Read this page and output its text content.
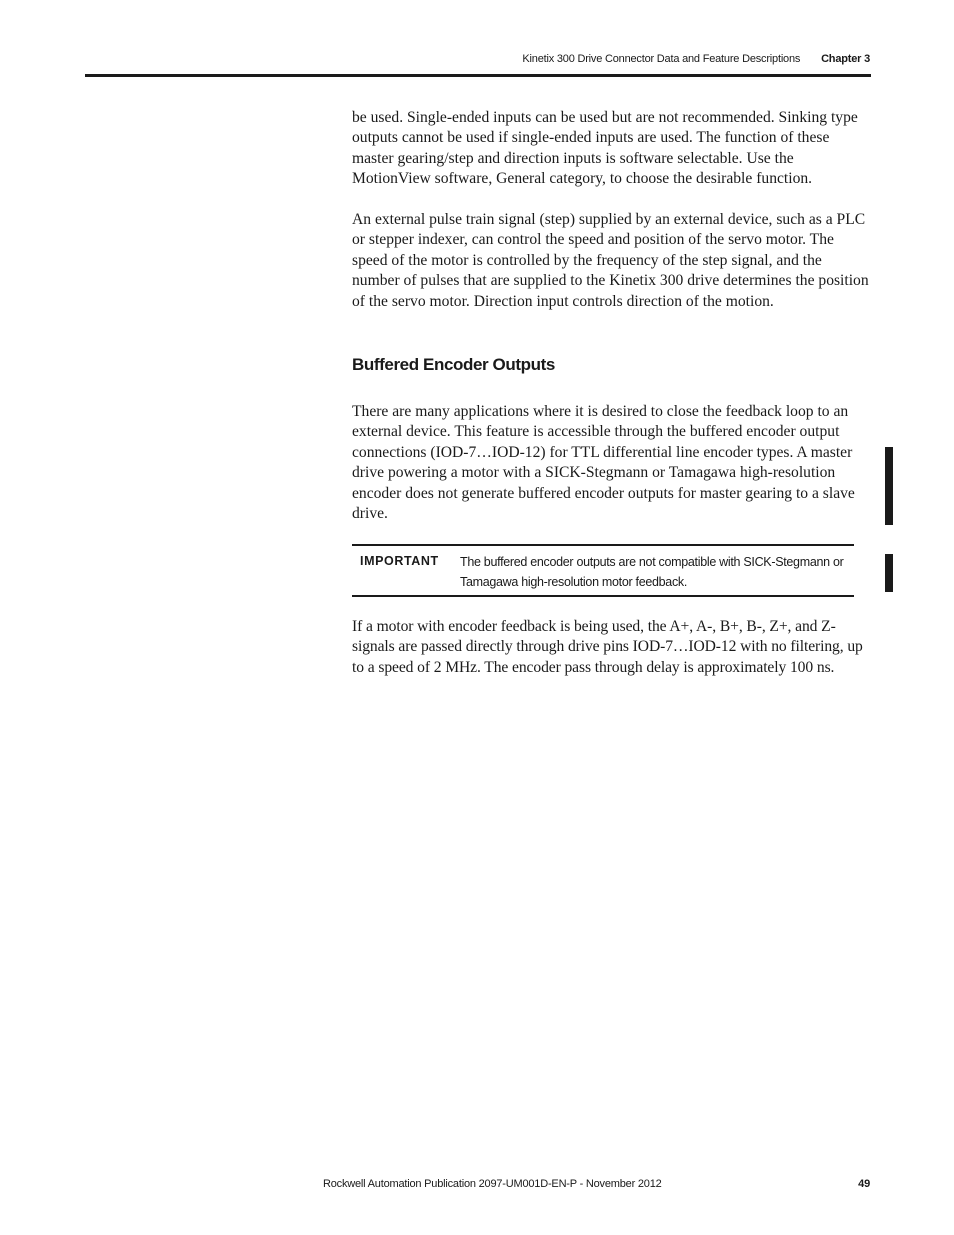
Kinetix 300 Drive Connector Data and Feature Descriptions Chapter 3

be used. Single-ended inputs can be used but are not recommended. Sinking type outputs cannot be used if single-ended inputs are used. The function of these master gearing/step and direction inputs is software selectable. Use the MotionView software, General category, to choose the desirable function.

An external pulse train signal (step) supplied by an external device, such as a PLC or stepper indexer, can control the speed and position of the servo motor. The speed of the motor is controlled by the frequency of the step signal, and the number of pulses that are supplied to the Kinetix 300 drive determines the position of the servo motor. Direction input controls direction of the motion.

Buffered Encoder Outputs

There are many applications where it is desired to close the feedback loop to an external device. This feature is accessible through the buffered encoder output connections (IOD-7…IOD-12) for TTL differential line encoder types. A master drive powering a motor with a SICK-Stegmann or Tamagawa high-resolution encoder does not generate buffered encoder outputs for master gearing to a slave drive.

IMPORTANT The buffered encoder outputs are not compatible with SICK-Stegmann or Tamagawa high-resolution motor feedback.

If a motor with encoder feedback is being used, the A+, A-, B+, B-, Z+, and Z- signals are passed directly through drive pins IOD-7…IOD-12 with no filtering, up to a speed of 2 MHz. The encoder pass through delay is approximately 100 ns.

Rockwell Automation Publication 2097-UM001D-EN-P - November 2012	49
